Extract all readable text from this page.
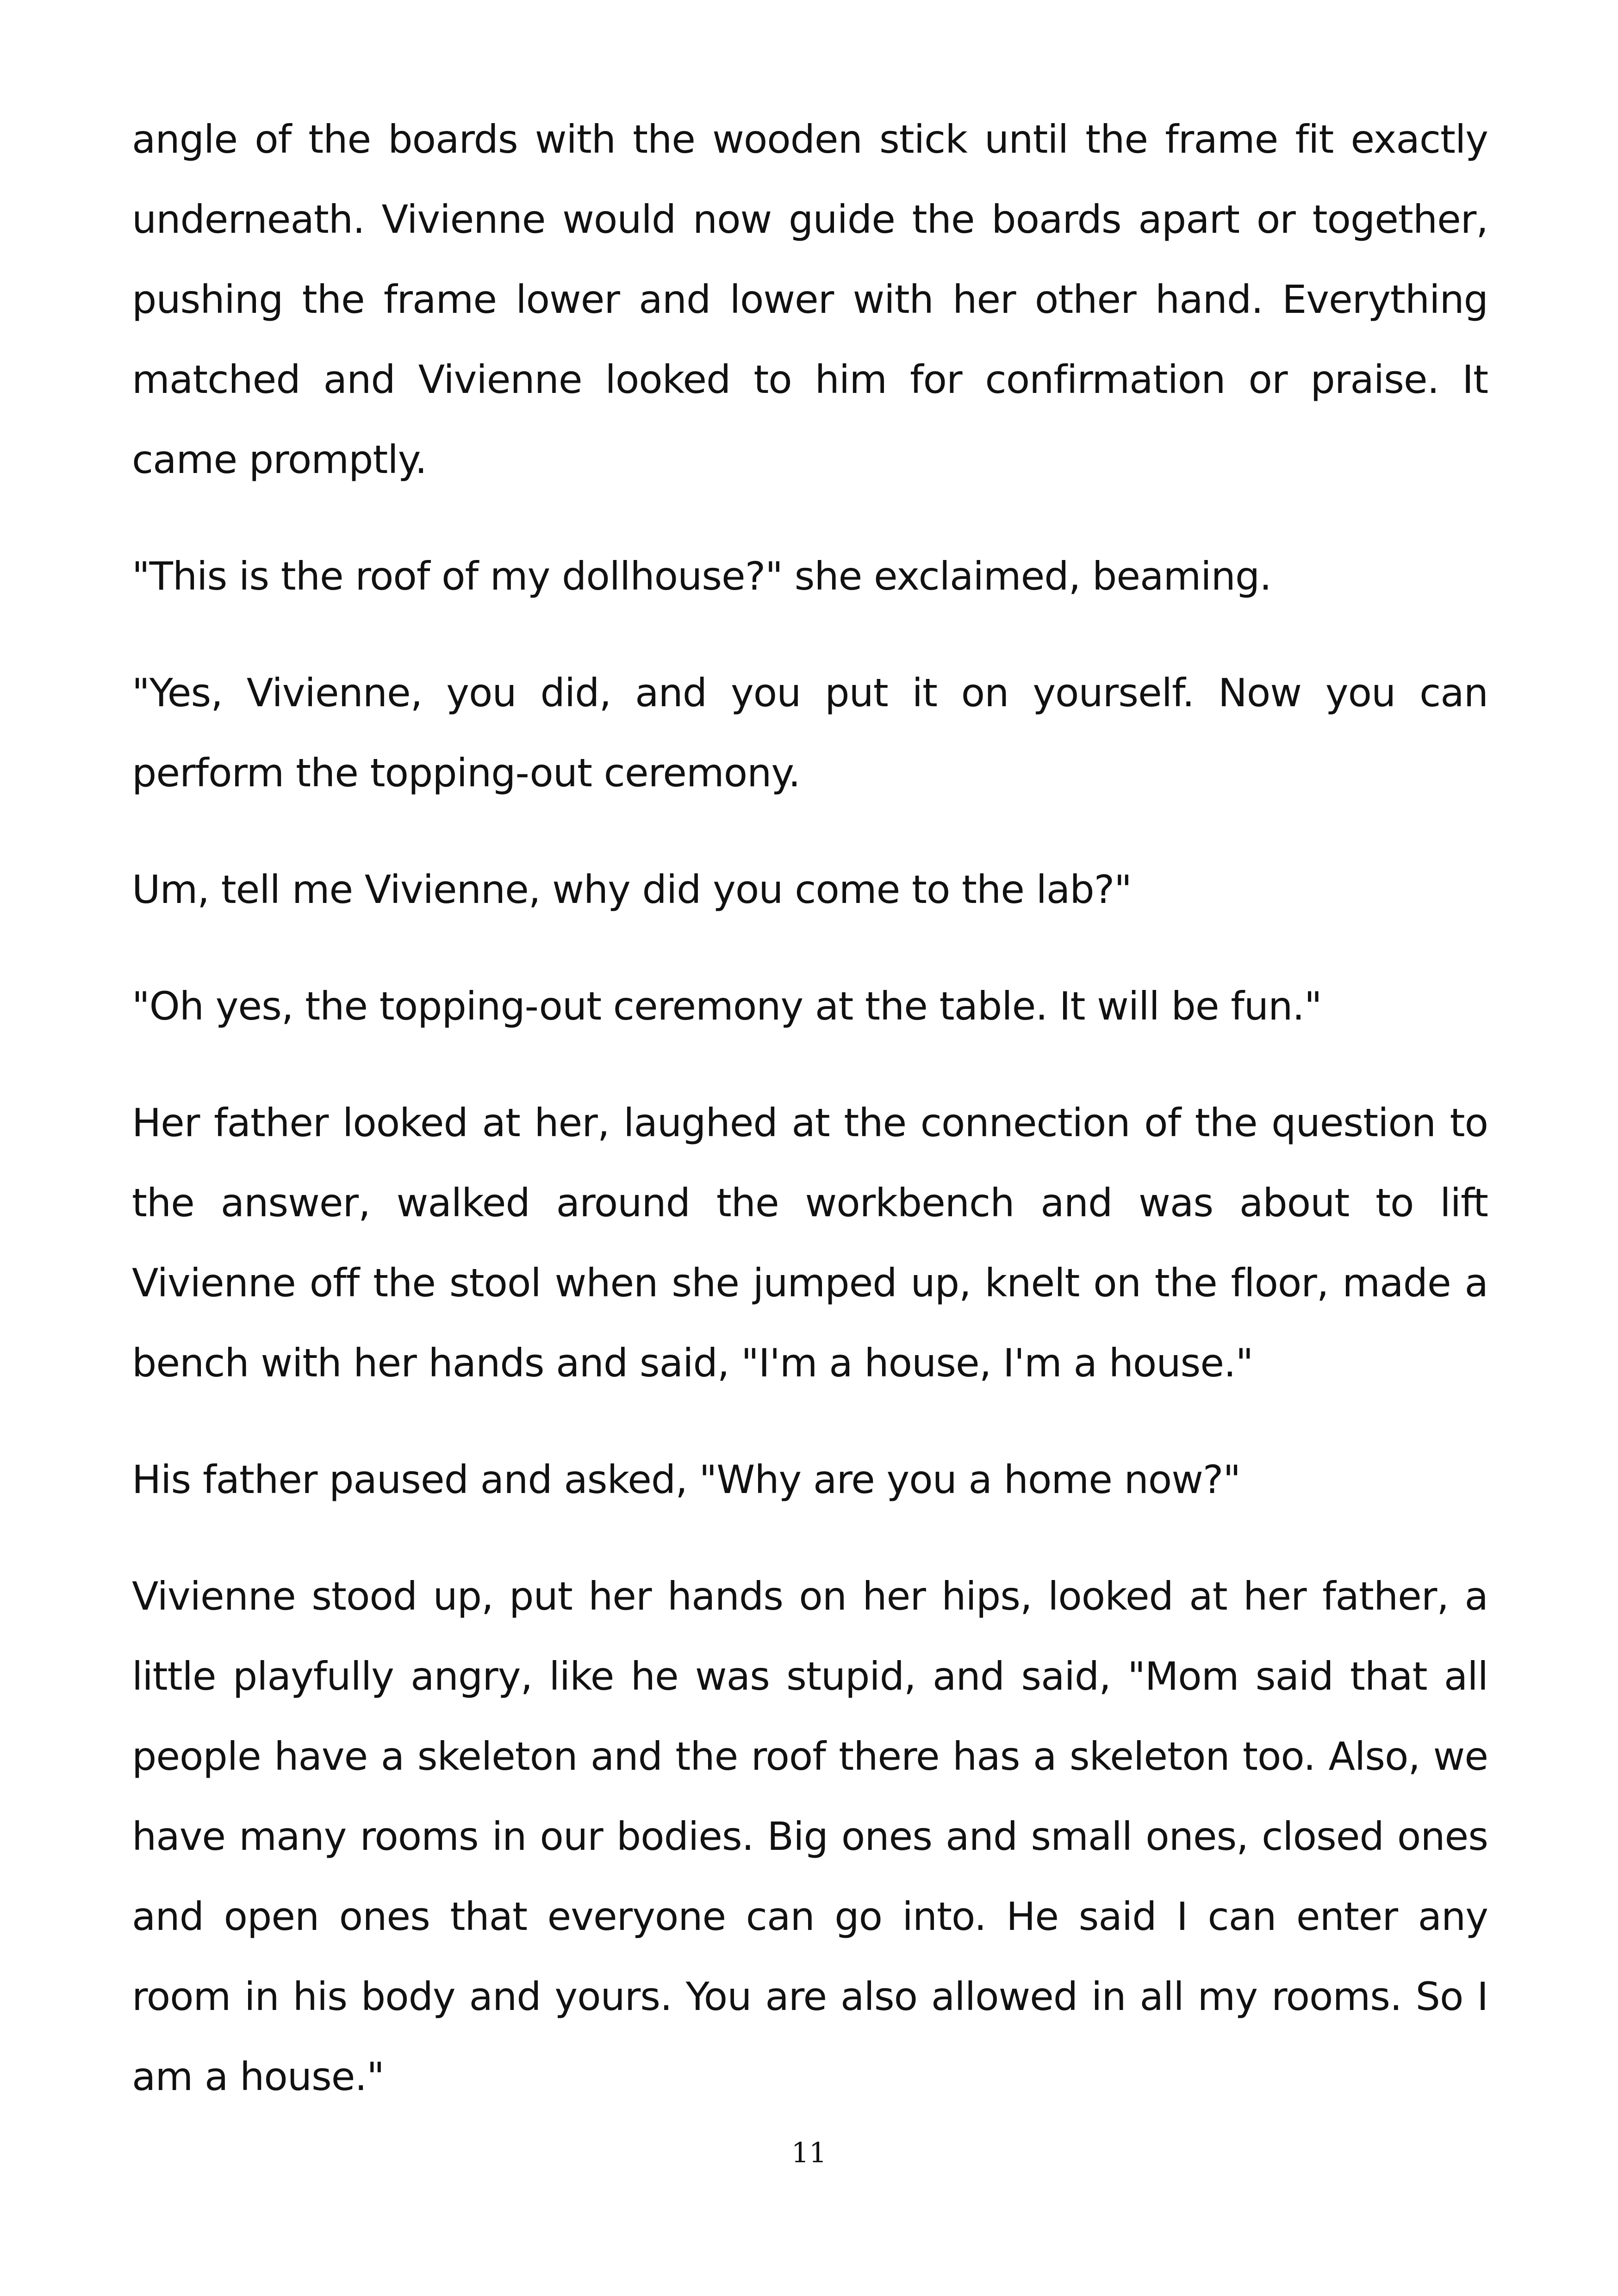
angle of the boards with the wooden stick until the frame fit exactly underneath. Vivienne would now guide the boards apart or together, pushing the frame lower and lower with her other hand. Everything matched and Vivienne looked to him for confirmation or praise. It came promptly.

"This is the roof of my dollhouse?" she exclaimed, beaming.

"Yes, Vivienne, you did, and you put it on yourself. Now you can perform the topping-out ceremony.

Um, tell me Vivienne, why did you come to the lab?"

"Oh yes, the topping-out ceremony at the table. It will be fun."

Her father looked at her, laughed at the connection of the question to the answer, walked around the workbench and was about to lift Vivienne off the stool when she jumped up, knelt on the floor, made a bench with her hands and said, "I'm a house, I'm a house."

His father paused and asked, "Why are you a home now?"

Vivienne stood up, put her hands on her hips, looked at her father, a little playfully angry, like he was stupid, and said, "Mom said that all people have a skeleton and the roof there has a skeleton too. Also, we have many rooms in our bodies. Big ones and small ones, closed ones and open ones that everyone can go into. He said I can enter any room in his body and yours. You are also allowed in all my rooms. So I am a house."

11
